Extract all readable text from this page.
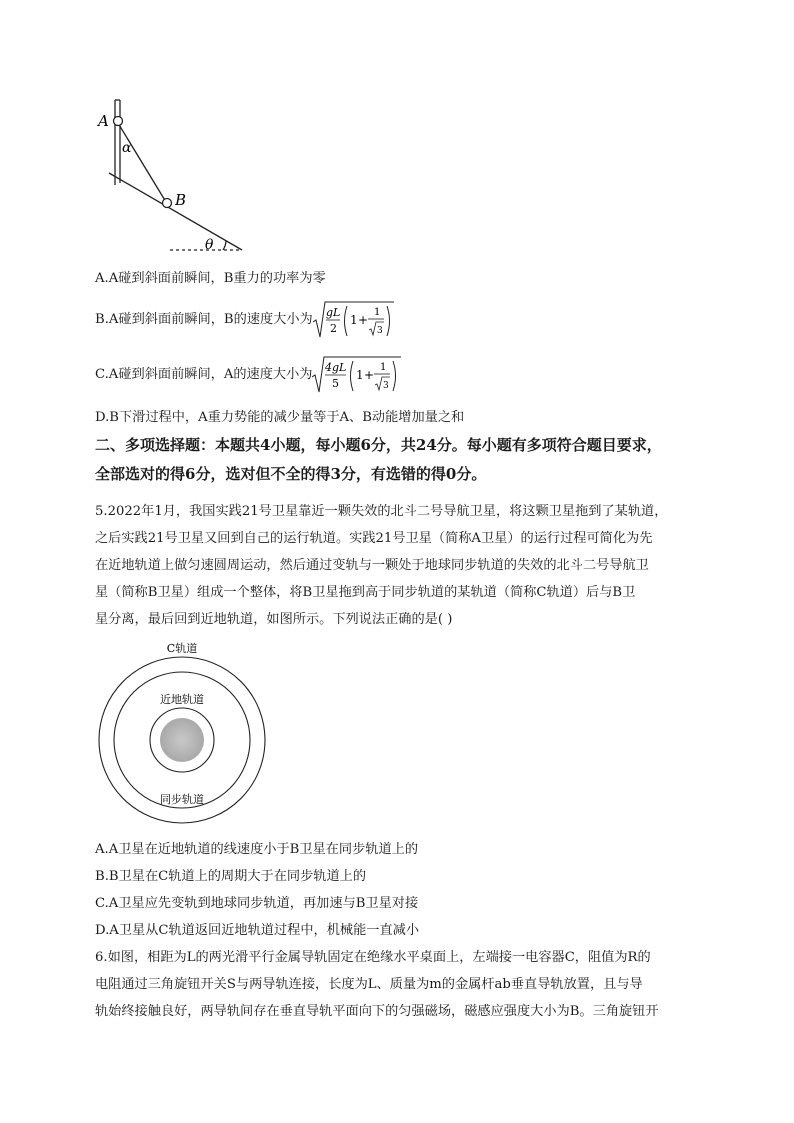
A
α
B
θ
A.A碰到斜面前瞬间，B重力的功率为零
B.A碰到斜面前瞬间，B的速度大小为 gL
2
1 +
1
3
C.A碰到斜面前瞬间，A的速度大小为 4gL
5
1 +
1
3
D.B下滑过程中，A重力势能的减少量等于A、B动能增加量之和
二、多项选择题：本题共4小题，每小题6分，共24分。每小题有多项符合题目要求，
全部选对的得6分，选对但不全的得3分，有选错的得0分。
5.2022年1月，我国实践21号卫星靠近一颗失效的北斗二号导航卫星，将这颗卫星拖到了某轨道，
之后实践21号卫星又回到自己的运行轨道。实践21号卫星（简称A卫星）的运行过程可简化为先
在近地轨道上做匀速圆周运动，然后通过变轨与一颗处于地球同步轨道的失效的北斗二号导航卫
星（简称B卫星）组成一个整体，将B卫星拖到高于同步轨道的某轨道（简称C轨道）后与B卫
星分离，最后回到近地轨道，如图所示。下列说法正确的是( )
C轨道
近地轨道
同步轨道
A.A卫星在近地轨道的线速度小于B卫星在同步轨道上的
B.B卫星在C轨道上的周期大于在同步轨道上的
C.A卫星应先变轨到地球同步轨道，再加速与B卫星对接
D.A卫星从C轨道返回近地轨道过程中，机械能一直减小
6.如图，相距为L的两光滑平行金属导轨固定在绝缘水平桌面上，左端接一电容器C，阻值为R的
电阻通过三角旋钮开关S与两导轨连接，长度为L、质量为m的金属杆ab垂直导轨放置，且与导
轨始终接触良好，两导轨间存在垂直导轨平面向下的匀强磁场，磁感应强度大小为B。三角旋钮开
